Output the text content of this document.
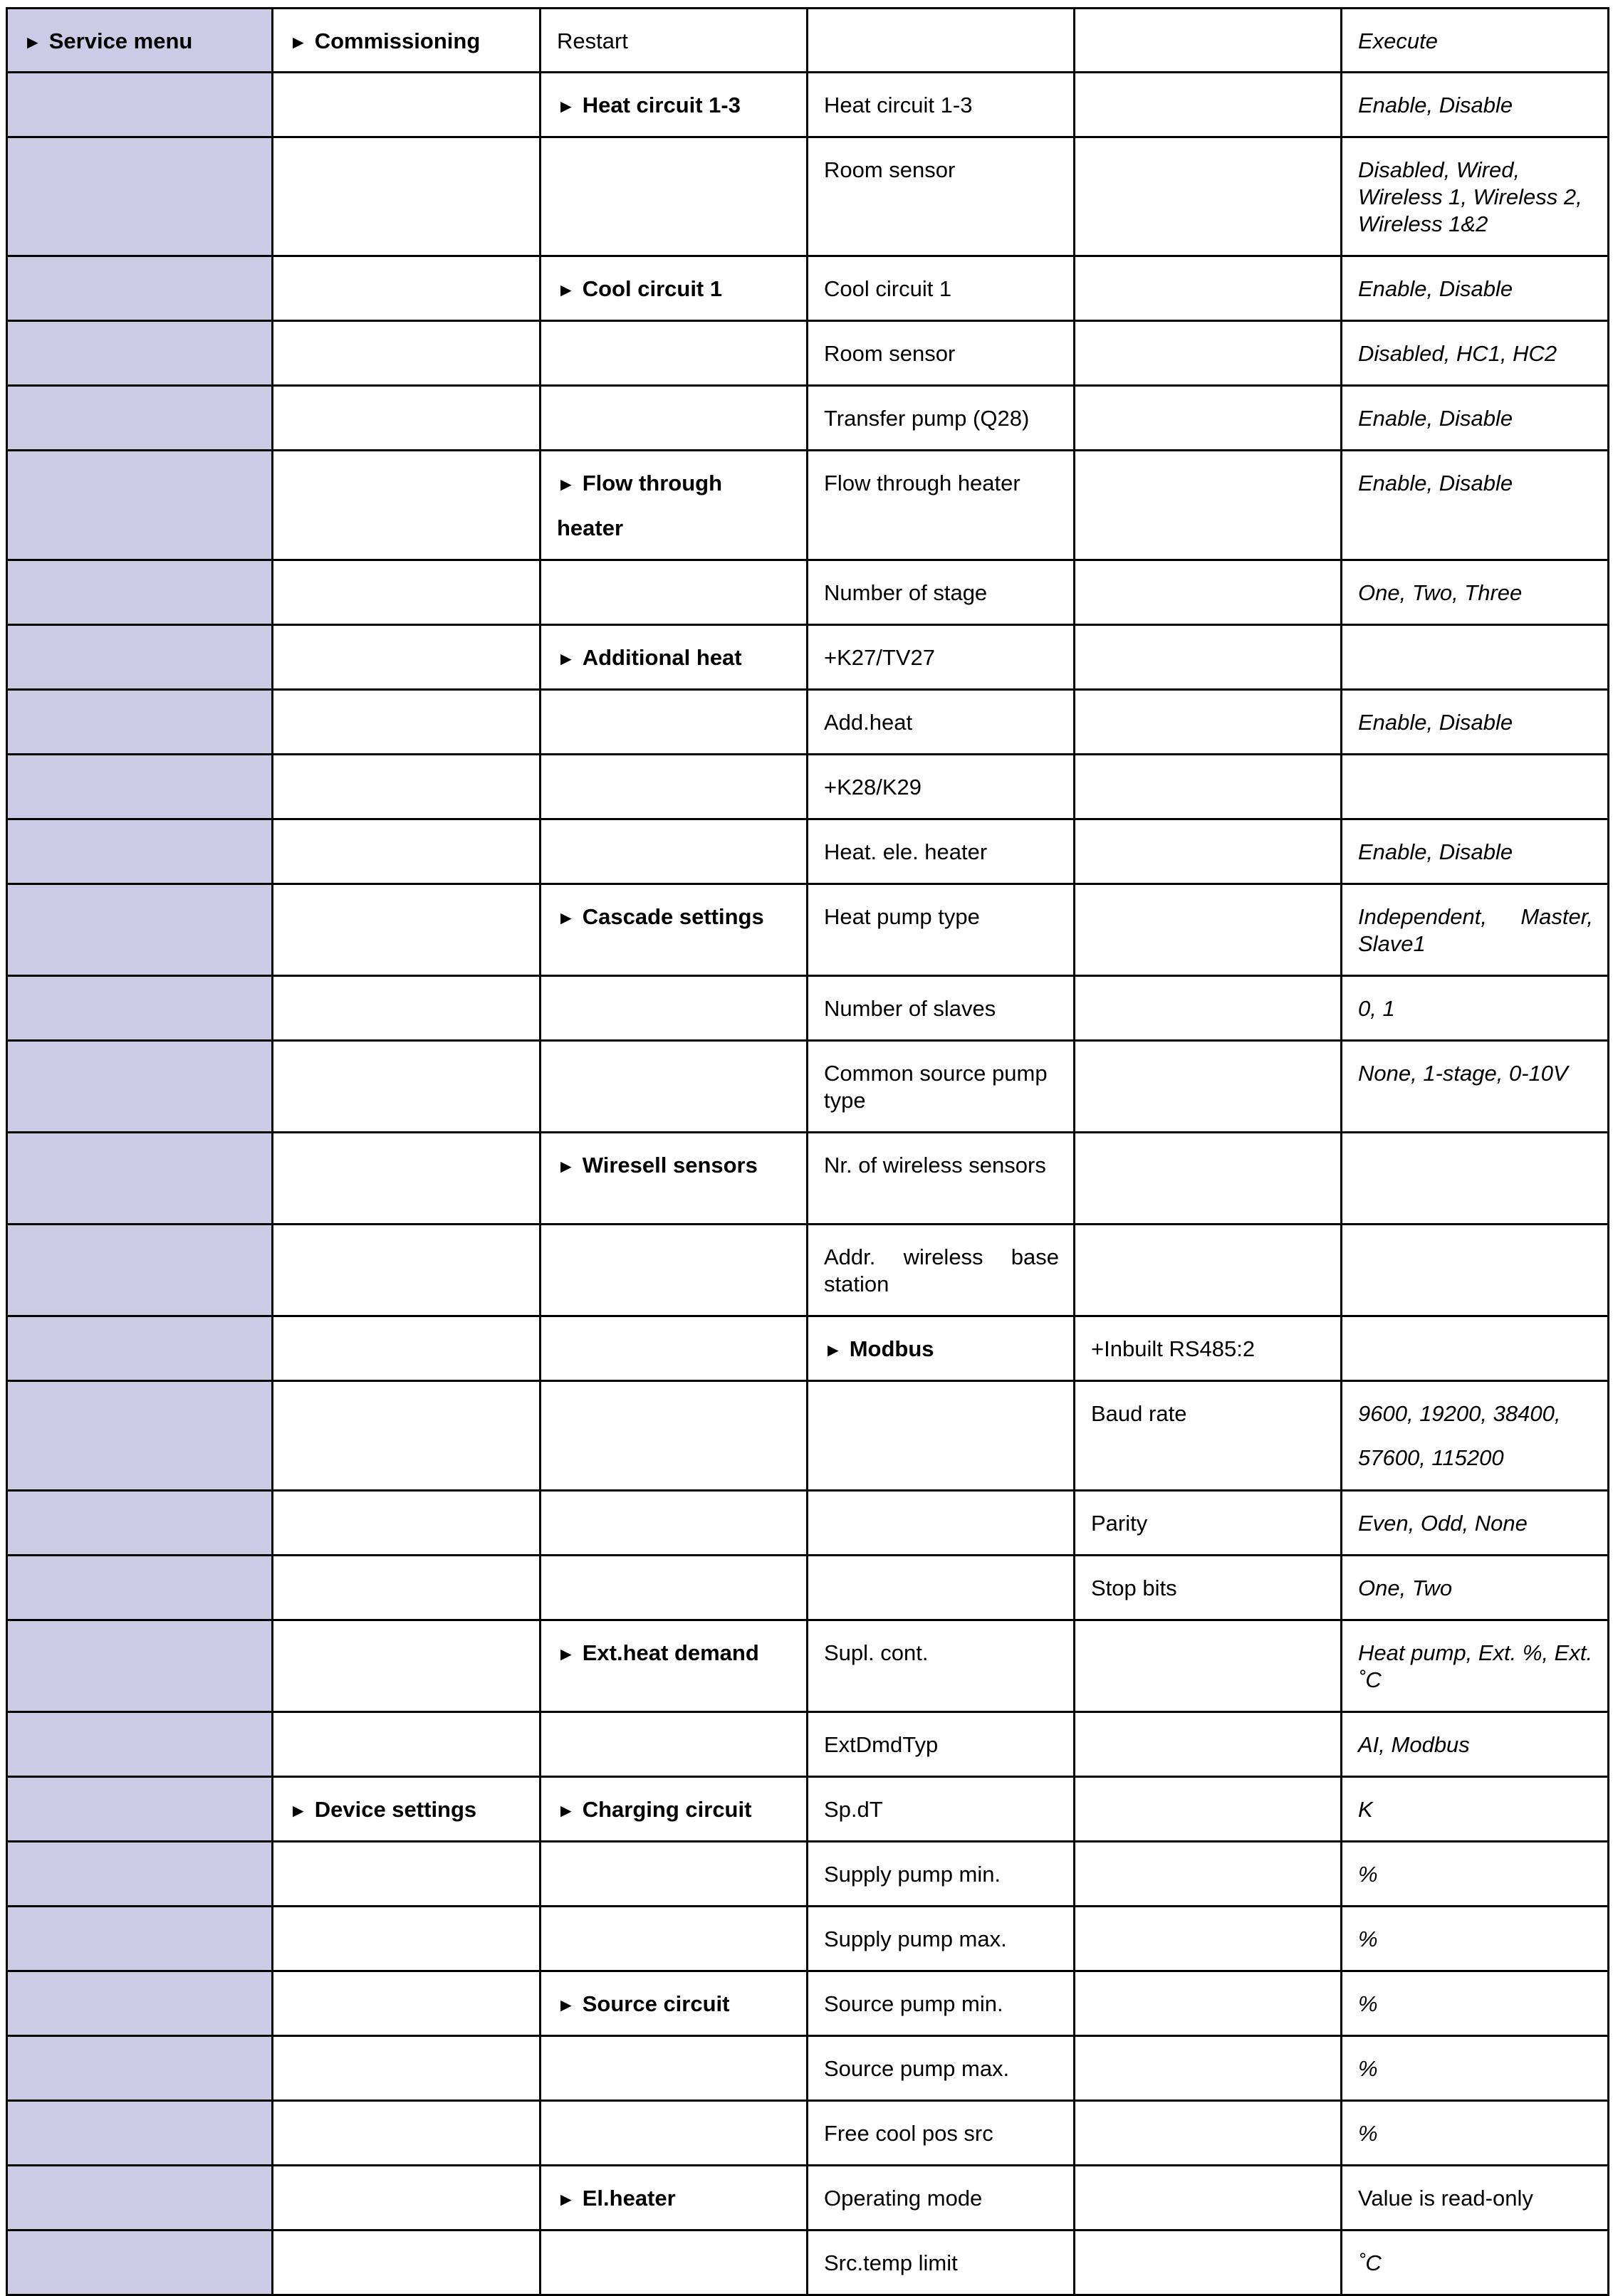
► Service menu	► Commissioning	Restart			Execute
		► Heat circuit 1-3	Heat circuit 1-3		Enable, Disable
			Room sensor		Disabled, Wired, Wireless 1, Wireless 2, Wireless 1&2
		► Cool circuit 1	Cool circuit 1		Enable, Disable
			Room sensor		Disabled, HC1, HC2
			Transfer pump (Q28)		Enable, Disable

		► Flow through heater	Flow through heater		Enable, Disable
			Number of stage		One, Two, Three
		► Additional heat	+K27/TV27		
			Add.heat		Enable, Disable
			+K28/K29		
			Heat. ele. heater		Enable, Disable
		► Cascade settings	Heat pump type		Independent, Master, Slave1
			Number of slaves		0, 1
			Common source pump type		None, 1-stage, 0-10V
		► Wiresell sensors	Nr. of wireless sensors		
			Addr. wireless base station		
			► Modbus	+Inbuilt RS485:2	
				Baud rate	9600, 19200, 38400, 57600, 115200

				Parity	Even, Odd, None
				Stop bits	One, Two
		► Ext.heat demand	Supl. cont.		Heat pump, Ext. %, Ext. ˚C
			ExtDmdTyp		AI, Modbus
	► Device settings	► Charging circuit	Sp.dT		K
			Supply pump min.		%
			Supply pump max.		%
		► Source circuit	Source pump min.		%
			Source pump max.		%
			Free cool pos src		%
		► El.heater	Operating mode		Value is read-only
			Src.temp limit		˚C
